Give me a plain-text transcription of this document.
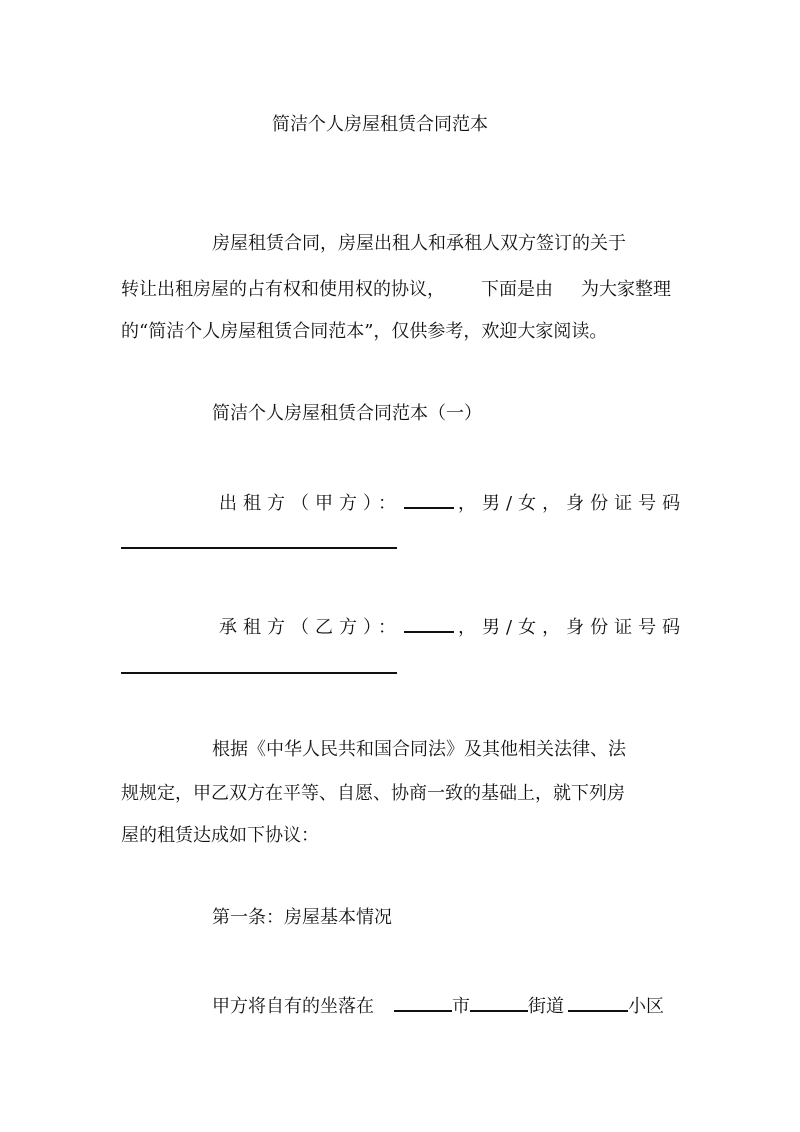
简洁个人房屋租赁合同范本
房屋租赁合同，房屋出租人和承租人双方签订的关于
转让出租房屋的占有权和使用权的协议， 下面是由 为大家整理
的“简洁个人房屋租赁合同范本”，仅供参考，欢迎大家阅读。
简洁个人房屋租赁合同范本（一）
出租方（甲方）：	，男/女，身份证号码
承租方（乙方）：	，男/女，身份证号码
根据《中华人民共和国合同法》及其他相关法律、法
规规定，甲乙双方在平等、自愿、协商一致的基础上，就下列房
屋的租赁达成如下协议：
第一条：房屋基本情况
甲方将自有的坐落在	市	街道	小区
